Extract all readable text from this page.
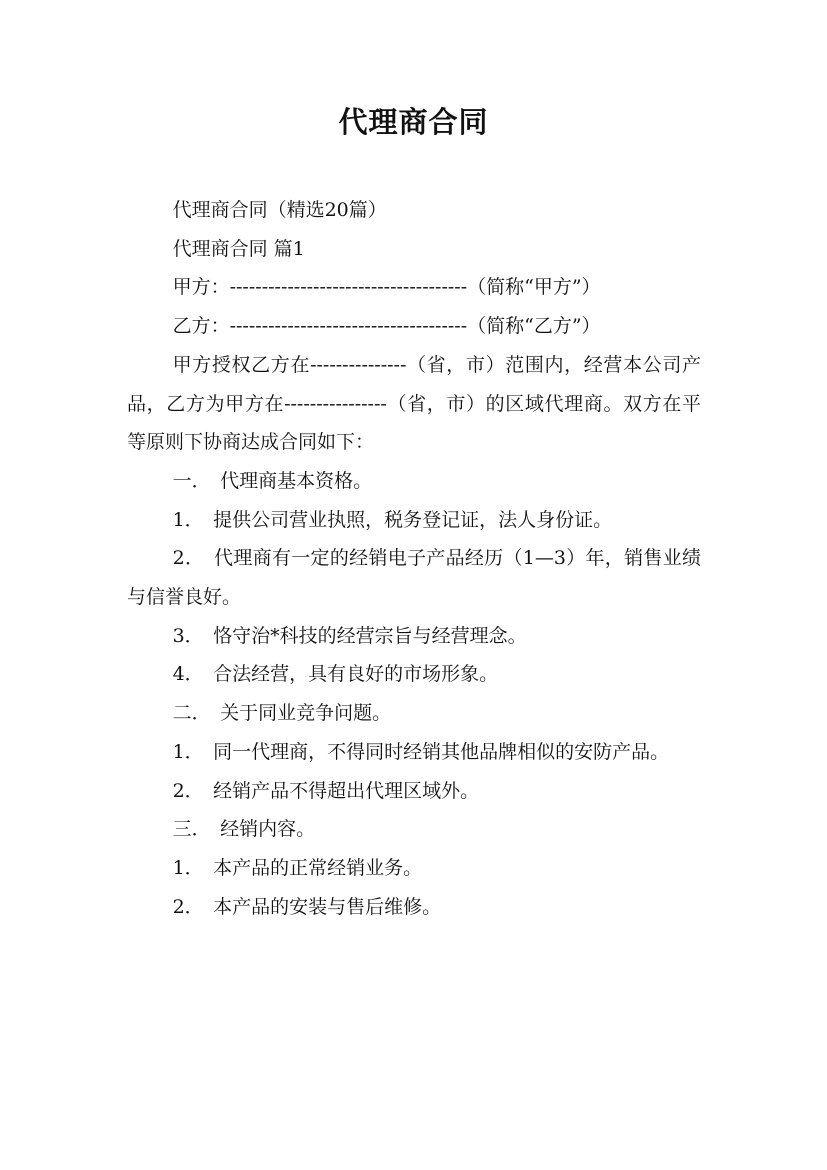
代理商合同

代理商合同（精选20篇）

代理商合同 篇1

甲方：-------------------------------------（简称“甲方”）

乙方：-------------------------------------（简称“乙方”）

甲方授权乙方在---------------（省，市）范围内，经营本公司产品，乙方为甲方在----------------（省，市）的区域代理商。双方在平等原则下协商达成合同如下：

一．　代理商基本资格。

1．　提供公司营业执照，税务登记证，法人身份证。

2．　代理商有一定的经销电子产品经历（1—3）年，销售业绩与信誉良好。

3．　恪守治*科技的经营宗旨与经营理念。

4．　合法经营，具有良好的市场形象。

二．　关于同业竞争问题。

1．　同一代理商，不得同时经销其他品牌相似的安防产品。

2．　经销产品不得超出代理区域外。

三．　经销内容。

1．　本产品的正常经销业务。

2．　本产品的安装与售后维修。
